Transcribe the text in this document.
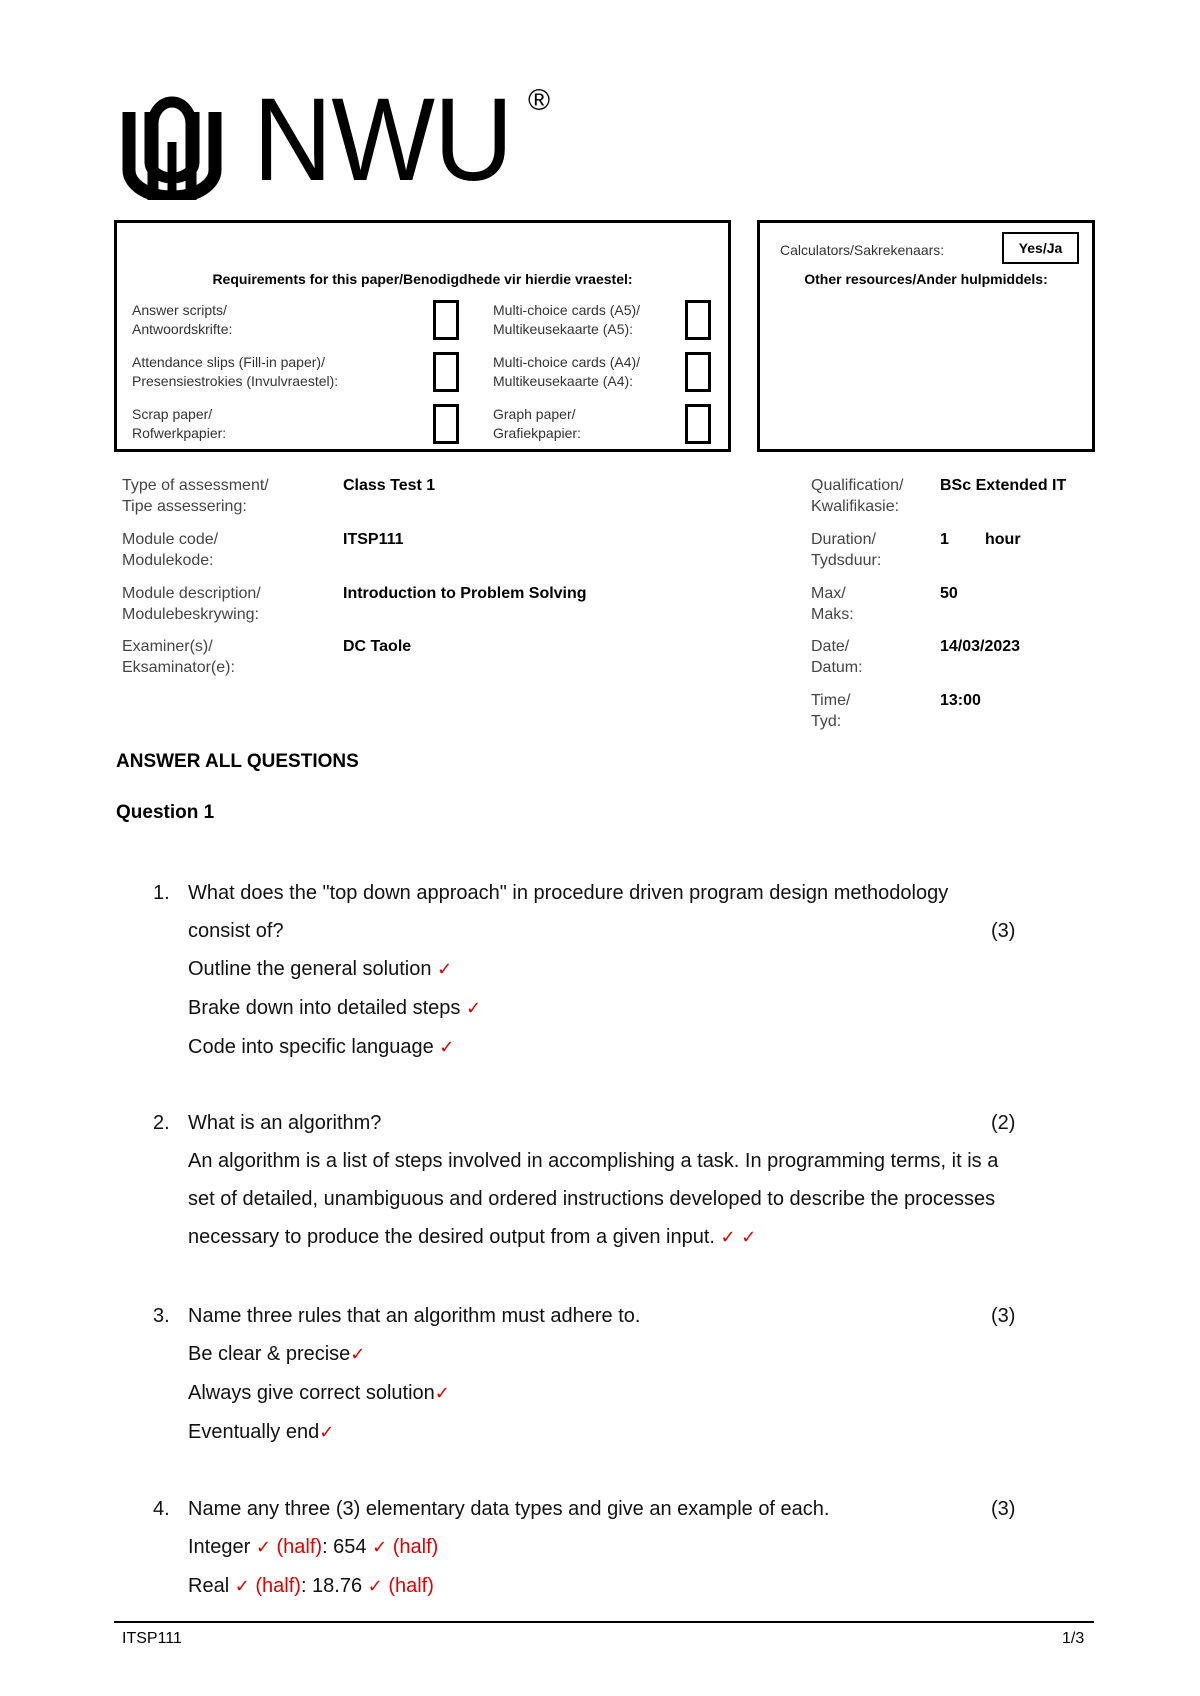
NWU ®
Requirements for this paper/Benodigdhede vir hierdie vraestel:
Answer scripts/
Antwoordskrifte:
Multi-choice cards (A5)/
Multikeusekaarte (A5):
Attendance slips (Fill-in paper)/
Presensiestrokies (Invulvraestel):
Multi-choice cards (A4)/
Multikeusekaarte (A4):
Scrap paper/
Rofwerkpapier:
Graph paper/
Grafiekpapier:
Calculators/Sakrekenaars:	Yes/Ja
Other resources/Ander hulpmiddels:
Type of assessment/
Tipe assessering:
Class Test 1
Module code/
Modulekode:
ITSP111
Module description/
Modulebeskrywing:
Introduction to Problem Solving
Examiner(s)/
Eksaminator(e):
DC Taole
Qualification/
Kwalifikasie:
BSc Extended IT
Duration/
Tydsduur:
1 hour
Max/
Maks:
50
Date/
Datum:
14/03/2023
Time/
Tyd:
13:00
ANSWER ALL QUESTIONS
Question 1
1. What does the "top down approach" in procedure driven program design methodology
consist of?
Outline the general solution ✓
Brake down into detailed steps ✓
Code into specific language ✓
(3)
2. What is an algorithm?
An algorithm is a list of steps involved in accomplishing a task. In programming terms, it is a
set of detailed, unambiguous and ordered instructions developed to describe the processes
necessary to produce the desired output from a given input. ✓ ✓
(2)
3. Name three rules that an algorithm must adhere to.
Be clear & precise✓
Always give correct solution✓
Eventually end✓
(3)
4. Name any three (3) elementary data types and give an example of each.
Integer ✓ (half): 654 ✓ (half)
Real ✓ (half): 18.76 ✓ (half)
(3)
ITSP111	1/3
